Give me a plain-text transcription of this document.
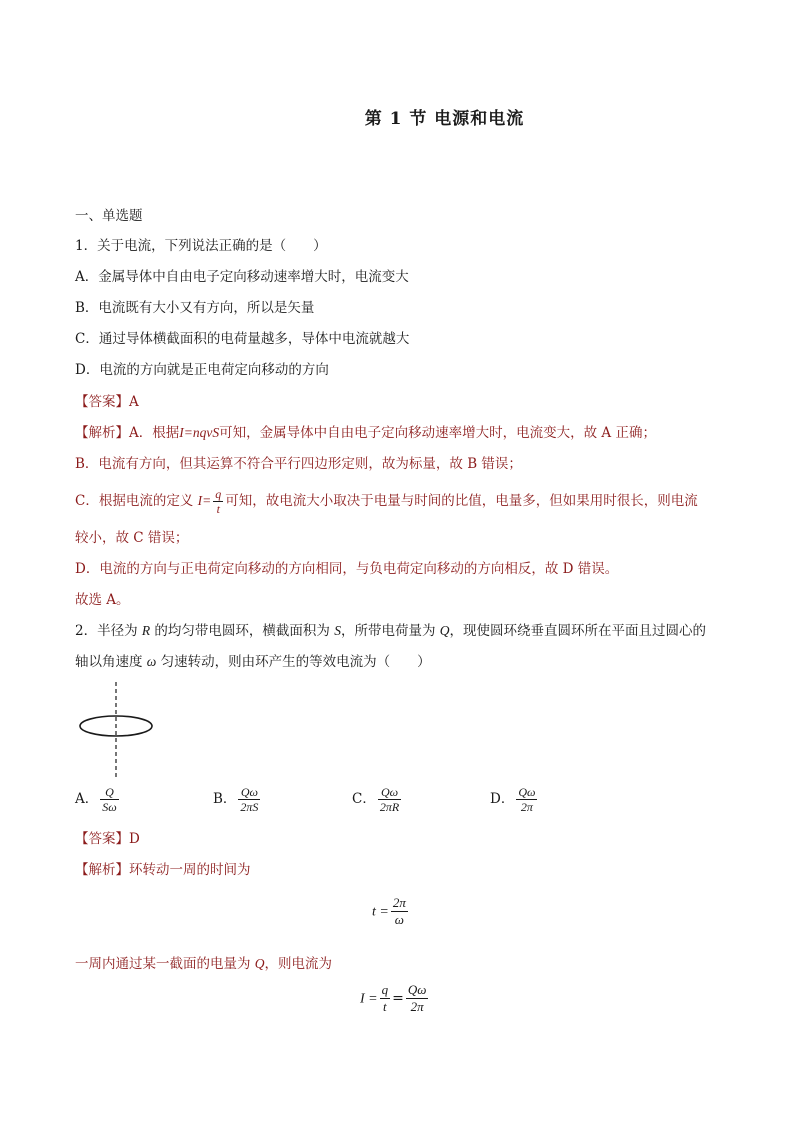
第 1 节 电源和电流
一、单选题
1．关于电流，下列说法正确的是（　　）
A．金属导体中自由电子定向移动速率增大时，电流变大
B．电流既有大小又有方向，所以是矢量
C．通过导体横截面积的电荷量越多，导体中电流就越大
D．电流的方向就是正电荷定向移动的方向
【答案】A
【解析】A．根据I=nqvS可知，金属导体中自由电子定向移动速率增大时，电流变大，故 A 正确；
B．电流有方向，但其运算不符合平行四边形定则，故为标量，故 B 错误；
C．根据电流的定义 $I= \frac{q}{t}$ 可知，故电流大小取决于电量与时间的比值，电量多，但如果用时很长，则电流
较小，故 C 错误；
D．电流的方向与正电荷定向移动的方向相同，与负电荷定向移动的方向相反，故 D 错误。
故选 A。
2．半径为 R 的均匀带电圆环，横截面积为 S，所带电荷量为 Q，现使圆环绕垂直圆环所在平面且过圆心的
轴以角速度 ω 匀速转动，则由环产生的等效电流为（　　）
A． $\frac{Q}{S\omega}$	B． $\frac{Q\omega}{2\pi S}$	C． $\frac{Q\omega}{2\pi R}$	D． $\frac{Q\omega}{2\pi}$
【答案】D
【解析】环转动一周的时间为
$t = \frac{2\pi}{\omega}$
一周内通过某一截面的电量为 Q，则电流为
$I = \frac{q}{t} = \frac{Q\omega}{2\pi}$
